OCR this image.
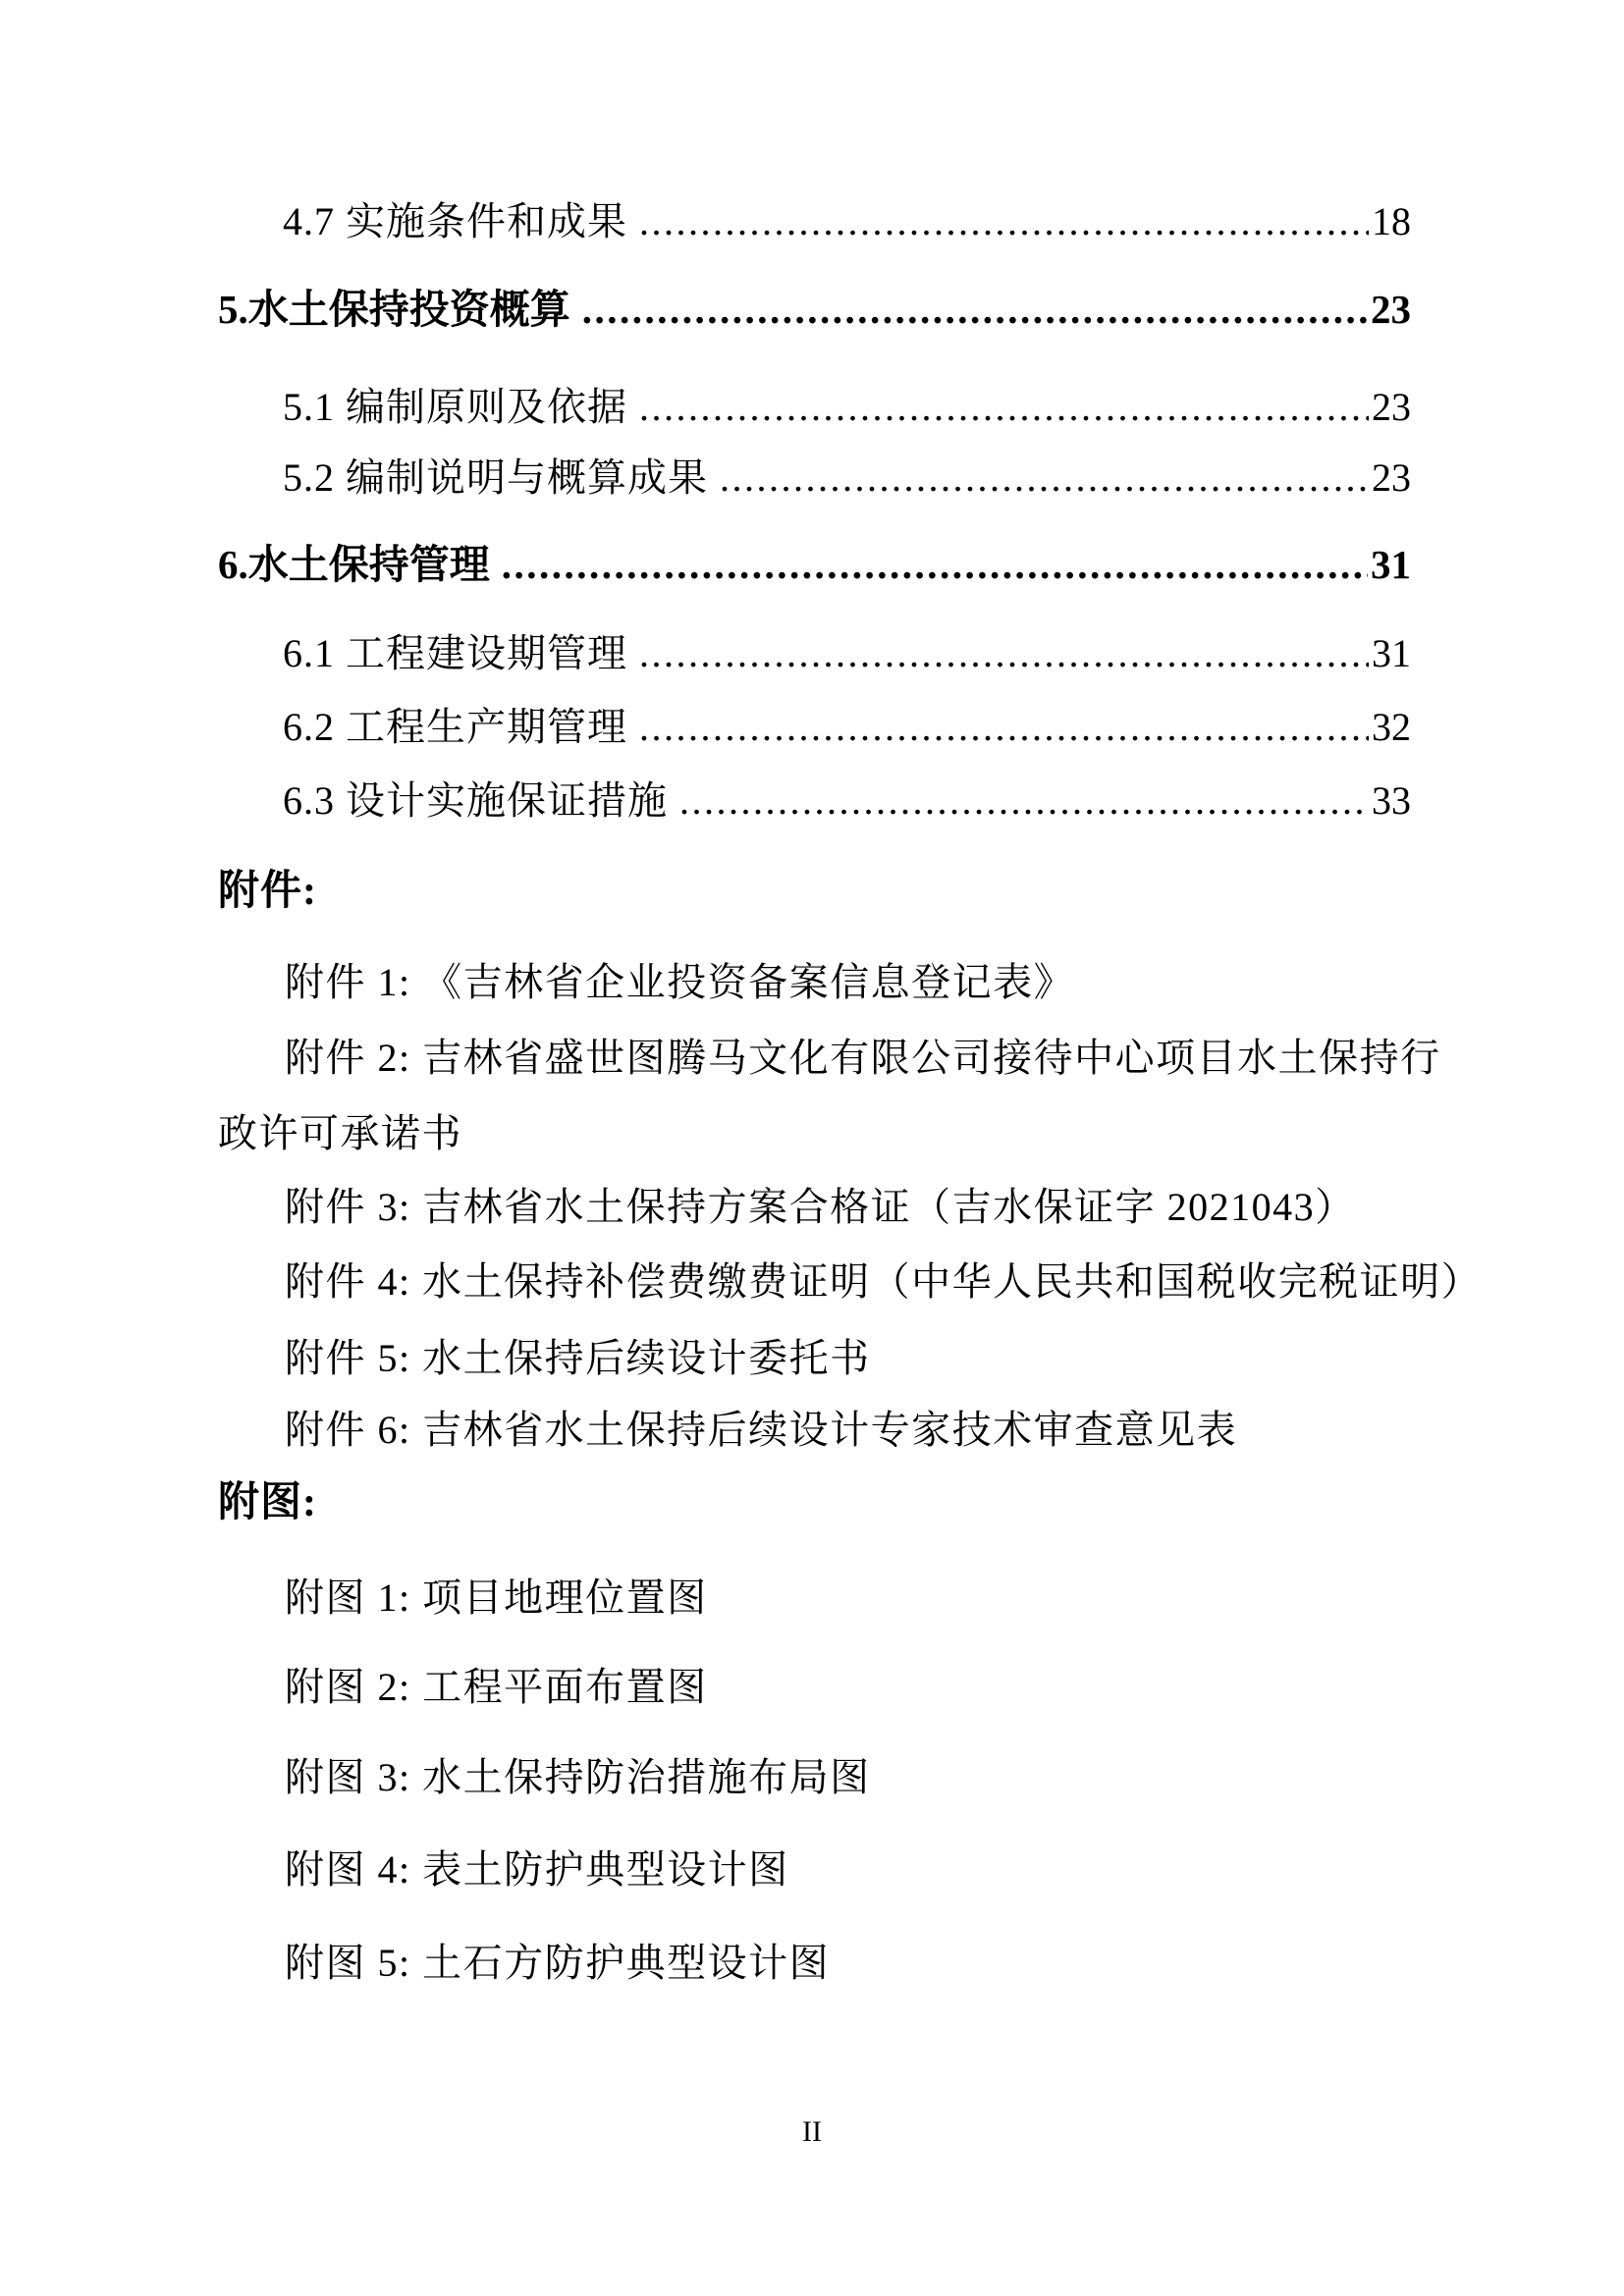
4.7 实施条件和成果 .....	18
5.水土保持投资概算 .....	23
5.1 编制原则及依据 .....	23
5.2 编制说明与概算成果 .....	23
6.水土保持管理 .....	31
6.1 工程建设期管理 .....	31
6.2 工程生产期管理 .....	32
6.3 设计实施保证措施 .....	33
附件:
附件 1: 《吉林省企业投资备案信息登记表》
附件 2: 吉林省盛世图腾马文化有限公司接待中心项目水土保持行
政许可承诺书
附件 3: 吉林省水土保持方案合格证（吉水保证字 2021043）
附件 4: 水土保持补偿费缴费证明（中华人民共和国税收完税证明）
附件 5: 水土保持后续设计委托书
附件 6: 吉林省水土保持后续设计专家技术审查意见表
附图:
附图 1: 项目地理位置图
附图 2: 工程平面布置图
附图 3: 水土保持防治措施布局图
附图 4: 表土防护典型设计图
附图 5: 土石方防护典型设计图
II
